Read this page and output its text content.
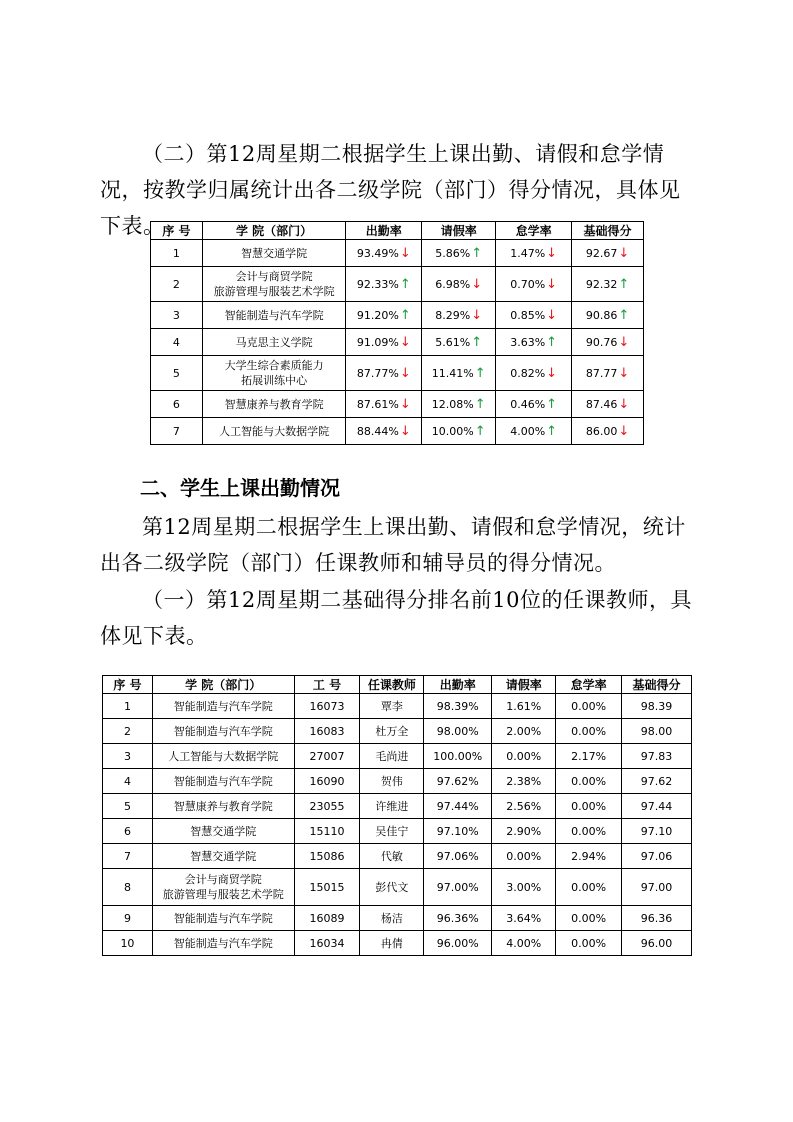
（二）第12周星期二根据学生上课出勤、请假和怠学情况，按教学归属统计出各二级学院（部门）得分情况，具体见下表。

序 号	学 院（部门）	出勤率	请假率	怠学率	基础得分
1	智慧交通学院	93.49%↓	5.86%↑	1.47%↓	92.67↓
2	会计与商贸学院
旅游管理与服装艺术学院	92.33%↑	6.98%↓	0.70%↓	92.32↑
3	智能制造与汽车学院	91.20%↑	8.29%↓	0.85%↓	90.86↑
4	马克思主义学院	91.09%↓	5.61%↑	3.63%↑	90.76↓
5	大学生综合素质能力
拓展训练中心	87.77%↓	11.41%↑	0.82%↓	87.77↓
6	智慧康养与教育学院	87.61%↓	12.08%↑	0.46%↑	87.46↓
7	人工智能与大数据学院	88.44%↓	10.00%↑	4.00%↑	86.00↓

二、学生上课出勤情况

第12周星期二根据学生上课出勤、请假和怠学情况，统计出各二级学院（部门）任课教师和辅导员的得分情况。

（一）第12周星期二基础得分排名前10位的任课教师，具体见下表。

序 号	学 院（部门）	工 号	任课教师	出勤率	请假率	怠学率	基础得分
1	智能制造与汽车学院	16073	覃李	98.39%	1.61%	0.00%	98.39
2	智能制造与汽车学院	16083	杜万全	98.00%	2.00%	0.00%	98.00
3	人工智能与大数据学院	27007	毛尚进	100.00%	0.00%	2.17%	97.83
4	智能制造与汽车学院	16090	贺伟	97.62%	2.38%	0.00%	97.62
5	智慧康养与教育学院	23055	许维进	97.44%	2.56%	0.00%	97.44
6	智慧交通学院	15110	吴佳宁	97.10%	2.90%	0.00%	97.10
7	智慧交通学院	15086	代敏	97.06%	0.00%	2.94%	97.06
8	会计与商贸学院
旅游管理与服装艺术学院	15015	彭代文	97.00%	3.00%	0.00%	97.00
9	智能制造与汽车学院	16089	杨洁	96.36%	3.64%	0.00%	96.36
10	智能制造与汽车学院	16034	冉倩	96.00%	4.00%	0.00%	96.00
